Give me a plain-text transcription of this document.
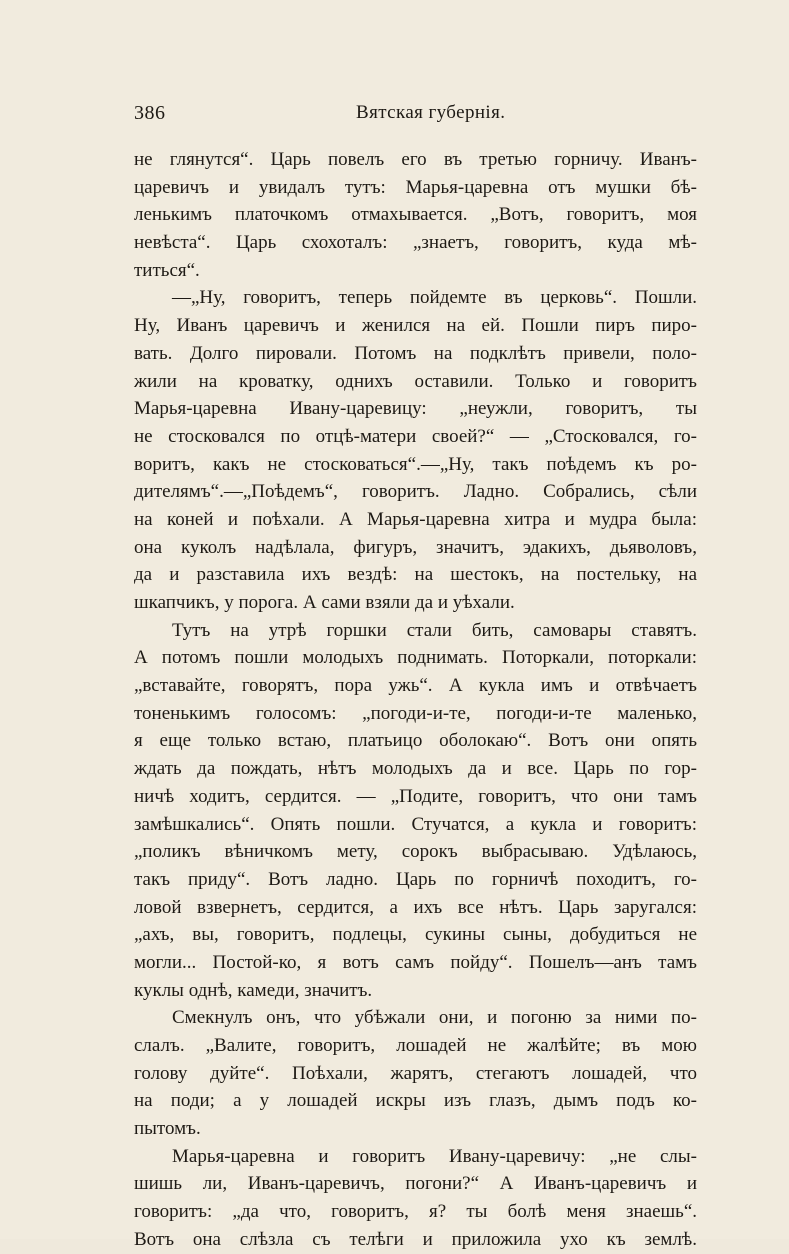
386	Вятская губернія.
не глянутся“. Царь повелъ его въ третью горничу. Иванъ-
царевичъ и увидалъ тутъ: Марья-царевна отъ мушки бѣ-
ленькимъ платочкомъ отмахывается. „Вотъ, говоритъ, моя
невѣста“. Царь схохоталъ: „знаетъ, говоритъ, куда мѣ-
титься“.
—„Ну, говоритъ, теперь пойдемте въ церковь“. Пошли.
Ну, Иванъ царевичъ и женился на ей. Пошли пиръ пиро-
вать. Долго пировали. Потомъ на подклѣтъ привели, поло-
жили на кроватку, однихъ оставили. Только и говоритъ
Марья-царевна Ивану-царевицу: „неужли, говоритъ, ты
не стосковался по отцѣ-матери своей?“ — „Стосковался, го-
воритъ, какъ не стосковаться“.—„Ну, такъ поѣдемъ къ ро-
дителямъ“.—„Поѣдемъ“, говоритъ. Ладно. Собрались, сѣли
на коней и поѣхали. А Марья-царевна хитра и мудра была:
она куколъ надѣлала, фигуръ, значитъ, эдакихъ, дьяволовъ,
да и разставила ихъ вездѣ: на шестокъ, на постельку, на
шкапчикъ, у порога. А сами взяли да и уѣхали.
Тутъ на утрѣ горшки стали бить, самовары ставятъ.
А потомъ пошли молодыхъ поднимать. Поторкали, поторкали:
„вставайте, говорятъ, пора ужь“. А кукла имъ и отвѣчаетъ
тоненькимъ голосомъ: „погоди-и-те, погоди-и-те маленько,
я еще только встаю, платьицо оболокаю“. Вотъ они опять
ждать да пождать, нѣтъ молодыхъ да и все. Царь по гор-
ничѣ ходитъ, сердится. — „Подите, говоритъ, что они тамъ
замѣшкались“. Опять пошли. Стучатся, а кукла и говоритъ:
„поликъ вѣничкомъ мету, сорокъ выбрасываю. Удѣлаюсь,
такъ приду“. Вотъ ладно. Царь по горничѣ походитъ, го-
ловой взвернетъ, сердится, а ихъ все нѣтъ. Царь заругался:
„ахъ, вы, говоритъ, подлецы, сукины сыны, добудиться не
могли... Постой-ко, я вотъ самъ пойду“. Пошелъ—анъ тамъ
куклы однѣ, камеди, значитъ.
Смекнулъ онъ, что убѣжали они, и погоню за ними по-
слалъ. „Валите, говоритъ, лошадей не жалѣйте; въ мою
голову дуйте“. Поѣхали, жарятъ, стегаютъ лошадей, что
на поди; а у лошадей искры изъ глазъ, дымъ подъ ко-
пытомъ.
Марья-царевна и говоритъ Ивану-царевичу: „не слы-
шишь ли, Иванъ-царевичъ, погони?“ А Иванъ-царевичъ и
говоритъ: „да что, говоритъ, я? ты болѣ меня знаешь“.
Вотъ она слѣзла съ телѣги и приложила ухо къ землѣ.
